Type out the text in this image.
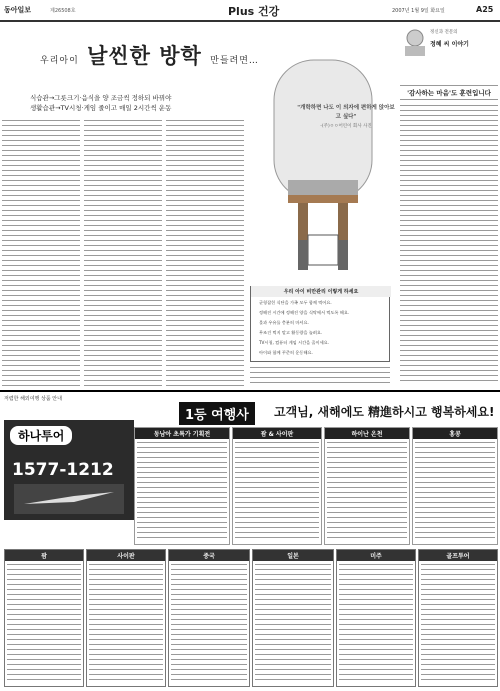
동아일보	제26508호	Plus 건강	2007년 1월 9일 화요일	A25
우리아이 날씬한 방학 만들려면…
식습관→그릇크기·음식을 양 조금씩 정하되 바꿔야
생활습관→TV시청·게임 줄이고 매일 2시간씩 운동	"개학하면 나도 이 의자에 편하게 앉아보고 싶다"
-(주)ㅇㅇ어린이 회사 사진
우리 아이 비만관리 이렇게 하세요
균형잡힌 식단을 가족 모두 함께 먹어요.
정해진 시간에 정해진 양을 식탁에서 먹도록 해요.
물과 우유를 충분히 마셔요.
무조건 먹지 말고 활동량을 늘려요.
TV시청, 컴퓨터 게임 시간을 줄이세요.
아이와 함께 꾸준히 운동해요.
정신과 전문의
정혜 씨 이야기
'감사하는 마음'도 훈련입니다
저렴한 해외여행 상품 안내
1등 여행사	고객님, 새해에도 精進하시고 행복하세요!
하나투어
1577-1212
동남아 초특가 기획전	괌 & 사이판	하이난 온천	홍콩
괌	사이판	중국	일본	미주	골프투어
